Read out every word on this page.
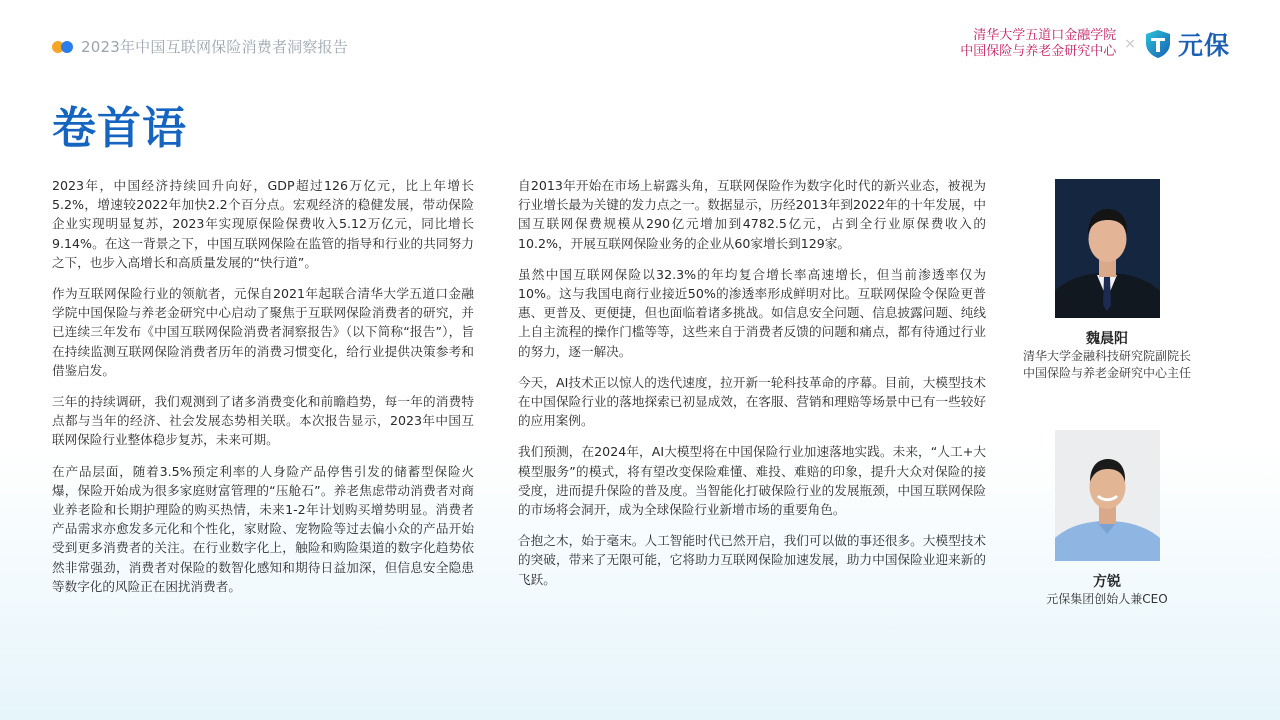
2023年中国互联网保险消费者洞察报告
清华大学五道口金融学院
中国保险与养老金研究中心 × 元保
卷首语

2023年，中国经济持续回升向好，GDP超过126万亿元，比上年增长5.2%，增速较2022年加快2.2个百分点。宏观经济的稳健发展，带动保险企业实现明显复苏，2023年实现原保险保费收入5.12万亿元，同比增长9.14%。在这一背景之下，中国互联网保险在监管的指导和行业的共同努力之下，也步入高增长和高质量发展的“快行道”。

作为互联网保险行业的领航者，元保自2021年起联合清华大学五道口金融学院中国保险与养老金研究中心启动了聚焦于互联网保险消费者的研究，并已连续三年发布《中国互联网保险消费者洞察报告》（以下简称“报告”），旨在持续监测互联网保险消费者历年的消费习惯变化，给行业提供决策参考和借鉴启发。

三年的持续调研，我们观测到了诸多消费变化和前瞻趋势，每一年的消费特点都与当年的经济、社会发展态势相关联。本次报告显示，2023年中国互联网保险行业整体稳步复苏，未来可期。

在产品层面，随着3.5%预定利率的人身险产品停售引发的储蓄型保险火爆，保险开始成为很多家庭财富管理的“压舱石”。养老焦虑带动消费者对商业养老险和长期护理险的购买热情，未来1-2年计划购买增势明显。消费者产品需求亦愈发多元化和个性化，家财险、宠物险等过去偏小众的产品开始受到更多消费者的关注。在行业数字化上，触险和购险渠道的数字化趋势依然非常强劲，消费者对保险的数智化感知和期待日益加深，但信息安全隐患等数字化的风险正在困扰消费者。

自2013年开始在市场上崭露头角，互联网保险作为数字化时代的新兴业态，被视为行业增长最为关键的发力点之一。数据显示，历经2013年到2022年的十年发展，中国互联网保费规模从290亿元增加到4782.5亿元，占到全行业原保费收入的10.2%，开展互联网保险业务的企业从60家增长到129家。

虽然中国互联网保险以32.3%的年均复合增长率高速增长，但当前渗透率仅为10%。这与我国电商行业接近50%的渗透率形成鲜明对比。互联网保险令保险更普惠、更普及、更便捷，但也面临着诸多挑战。如信息安全问题、信息披露问题、纯线上自主流程的操作门槛等等，这些来自于消费者反馈的问题和痛点，都有待通过行业的努力，逐一解决。

今天，AI技术正以惊人的迭代速度，拉开新一轮科技革命的序幕。目前，大模型技术在中国保险行业的落地探索已初显成效，在客服、营销和理赔等场景中已有一些较好的应用案例。

我们预测，在2024年，AI大模型将在中国保险行业加速落地实践。未来，“人工+大模型服务”的模式，将有望改变保险难懂、难投、难赔的印象，提升大众对保险的接受度，进而提升保险的普及度。当智能化打破保险行业的发展瓶颈，中国互联网保险的市场将会洞开，成为全球保险行业新增市场的重要角色。

合抱之木，始于毫末。人工智能时代已然开启，我们可以做的事还很多。大模型技术的突破，带来了无限可能，它将助力互联网保险加速发展，助力中国保险业迎来新的飞跃。

魏晨阳
清华大学金融科技研究院副院长
中国保险与养老金研究中心主任
方锐
元保集团创始人兼CEO
